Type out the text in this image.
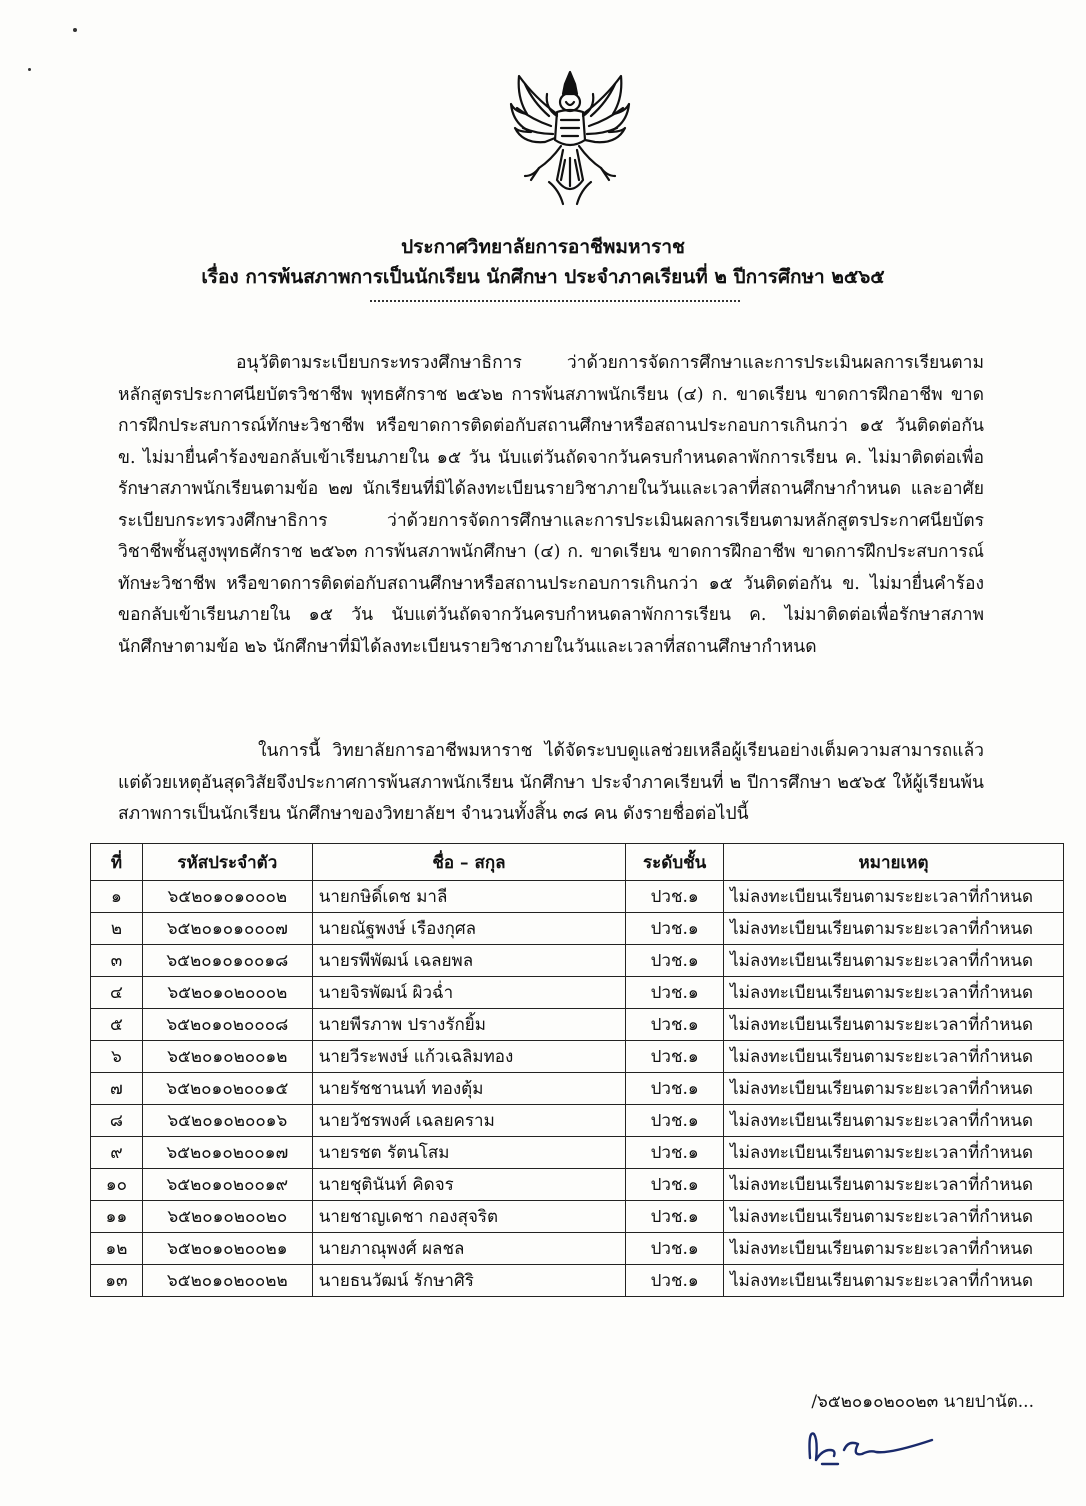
ประกาศวิทยาลัยการอาชีพมหาราช
เรื่อง การพ้นสภาพการเป็นนักเรียน นักศึกษา ประจำภาคเรียนที่ ๒ ปีการศึกษา ๒๕๖๕
อนุวัติตามระเบียบกระทรวงศึกษาธิการ ว่าด้วยการจัดการศึกษาและการประเมินผลการเรียนตามหลักสูตรประกาศนียบัตรวิชาชีพ พุทธศักราช ๒๕๖๒ การพ้นสภาพนักเรียน (๔) ก. ขาดเรียน ขาดการฝึกอาชีพ ขาดการฝึกประสบการณ์ทักษะวิชาชีพ หรือขาดการติดต่อกับสถานศึกษาหรือสถานประกอบการเกินกว่า ๑๕ วันติดต่อกัน ข. ไม่มายื่นคำร้องขอกลับเข้าเรียนภายใน ๑๕ วัน นับแต่วันถัดจากวันครบกำหนดลาพักการเรียน ค. ไม่มาติดต่อเพื่อรักษาสภาพนักเรียนตามข้อ ๒๗ นักเรียนที่มิได้ลงทะเบียนรายวิชาภายในวันและเวลาที่สถานศึกษากำหนด และอาศัยระเบียบกระทรวงศึกษาธิการ ว่าด้วยการจัดการศึกษาและการประเมินผลการเรียนตามหลักสูตรประกาศนียบัตรวิชาชีพชั้นสูงพุทธศักราช ๒๕๖๓ การพ้นสภาพนักศึกษา (๔) ก. ขาดเรียน ขาดการฝึกอาชีพ ขาดการฝึกประสบการณ์ทักษะวิชาชีพ หรือขาดการติดต่อกับสถานศึกษาหรือสถานประกอบการเกินกว่า ๑๕ วันติดต่อกัน ข. ไม่มายื่นคำร้องขอกลับเข้าเรียนภายใน ๑๕ วัน นับแต่วันถัดจากวันครบกำหนดลาพักการเรียน ค. ไม่มาติดต่อเพื่อรักษาสภาพนักศึกษาตามข้อ ๒๖ นักศึกษาที่มิได้ลงทะเบียนรายวิชาภายในวันและเวลาที่สถานศึกษากำหนด
ในการนี้ วิทยาลัยการอาชีพมหาราช ได้จัดระบบดูแลช่วยเหลือผู้เรียนอย่างเต็มความสามารถแล้วแต่ด้วยเหตุอันสุดวิสัยจึงประกาศการพ้นสภาพนักเรียน นักศึกษา ประจำภาคเรียนที่ ๒ ปีการศึกษา ๒๕๖๕ ให้ผู้เรียนพ้นสภาพการเป็นนักเรียน นักศึกษาของวิทยาลัยฯ จำนวนทั้งสิ้น ๓๘ คน ดังรายชื่อต่อไปนี้
ที่	รหัสประจำตัว	ชื่อ – สกุล	ระดับชั้น	หมายเหตุ
๑	๖๕๒๐๑๐๑๐๐๐๒	นายกษิดิ์เดช มาลี	ปวช.๑	ไม่ลงทะเบียนเรียนตามระยะเวลาที่กำหนด
๒	๖๕๒๐๑๐๑๐๐๐๗	นายณัฐพงษ์ เรืองกุศล	ปวช.๑	ไม่ลงทะเบียนเรียนตามระยะเวลาที่กำหนด
๓	๖๕๒๐๑๐๑๐๐๑๘	นายรพีพัฒน์ เฉลยพล	ปวช.๑	ไม่ลงทะเบียนเรียนตามระยะเวลาที่กำหนด
๔	๖๕๒๐๑๐๒๐๐๐๒	นายจิรพัฒน์ ผิวฉ่ำ	ปวช.๑	ไม่ลงทะเบียนเรียนตามระยะเวลาที่กำหนด
๕	๖๕๒๐๑๐๒๐๐๐๘	นายพีรภาพ ปรางรักยิ้ม	ปวช.๑	ไม่ลงทะเบียนเรียนตามระยะเวลาที่กำหนด
๖	๖๕๒๐๑๐๒๐๐๑๒	นายวีระพงษ์ แก้วเฉลิมทอง	ปวช.๑	ไม่ลงทะเบียนเรียนตามระยะเวลาที่กำหนด
๗	๖๕๒๐๑๐๒๐๐๑๕	นายรัชชานนท์ ทองตุ้ม	ปวช.๑	ไม่ลงทะเบียนเรียนตามระยะเวลาที่กำหนด
๘	๖๕๒๐๑๐๒๐๐๑๖	นายวัชรพงศ์ เฉลยคราม	ปวช.๑	ไม่ลงทะเบียนเรียนตามระยะเวลาที่กำหนด
๙	๖๕๒๐๑๐๒๐๐๑๗	นายรชต รัตนโสม	ปวช.๑	ไม่ลงทะเบียนเรียนตามระยะเวลาที่กำหนด
๑๐	๖๕๒๐๑๐๒๐๐๑๙	นายชุตินันท์ คิดจร	ปวช.๑	ไม่ลงทะเบียนเรียนตามระยะเวลาที่กำหนด
๑๑	๖๕๒๐๑๐๒๐๐๒๐	นายชาญเดชา กองสุจริต	ปวช.๑	ไม่ลงทะเบียนเรียนตามระยะเวลาที่กำหนด
๑๒	๖๕๒๐๑๐๒๐๐๒๑	นายภาณุพงศ์ ผลชล	ปวช.๑	ไม่ลงทะเบียนเรียนตามระยะเวลาที่กำหนด
๑๓	๖๕๒๐๑๐๒๐๐๒๒	นายธนวัฒน์ รักษาศิริ	ปวช.๑	ไม่ลงทะเบียนเรียนตามระยะเวลาที่กำหนด
/๖๕๒๐๑๐๒๐๐๒๓ นายปานัต...
